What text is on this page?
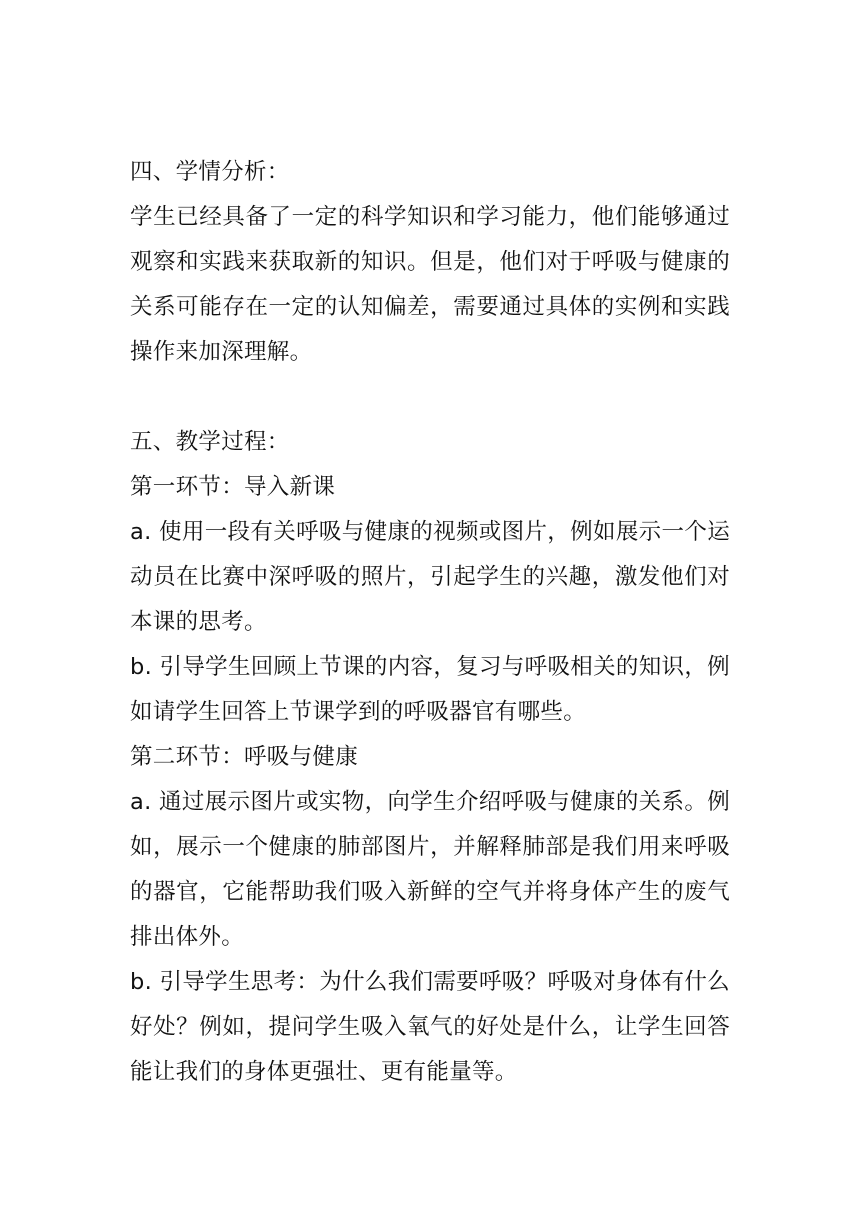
四、学情分析：

学生已经具备了一定的科学知识和学习能力，他们能够通过

观察和实践来获取新的知识。但是，他们对于呼吸与健康的

关系可能存在一定的认知偏差，需要通过具体的实例和实践

操作来加深理解。

五、教学过程：

第一环节：导入新课

a. 使用一段有关呼吸与健康的视频或图片，例如展示一个运

动员在比赛中深呼吸的照片，引起学生的兴趣，激发他们对

本课的思考。

b. 引导学生回顾上节课的内容，复习与呼吸相关的知识，例

如请学生回答上节课学到的呼吸器官有哪些。

第二环节：呼吸与健康

a. 通过展示图片或实物，向学生介绍呼吸与健康的关系。例

如，展示一个健康的肺部图片，并解释肺部是我们用来呼吸

的器官，它能帮助我们吸入新鲜的空气并将身体产生的废气

排出体外。

b. 引导学生思考：为什么我们需要呼吸？呼吸对身体有什么

好处？例如，提问学生吸入氧气的好处是什么，让学生回答

能让我们的身体更强壮、更有能量等。
